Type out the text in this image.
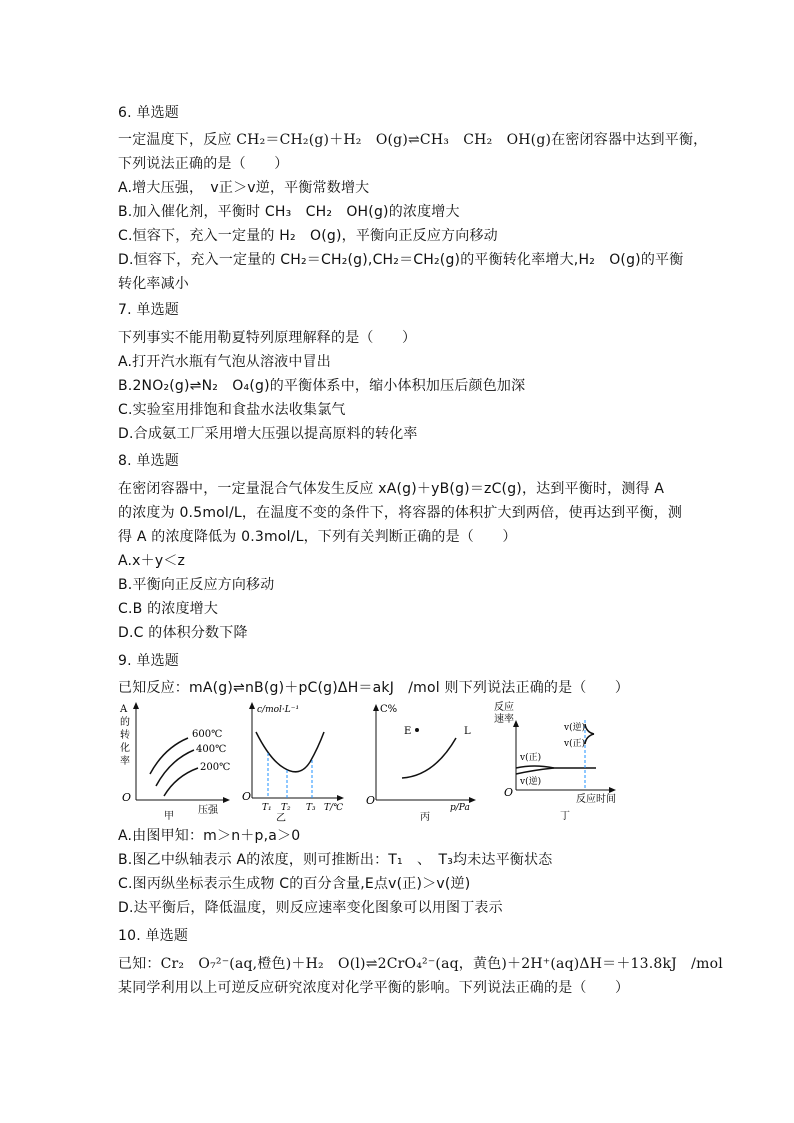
6. 单选题
一定温度下，反应 CH₂＝CH₂(g)＋H₂　O(g)⇌CH₃　CH₂　OH(g)在密闭容器中达到平衡，
下列说法正确的是（　　）
A.增大压强，　v正＞v逆，平衡常数增大
B.加入催化剂，平衡时 CH₃　CH₂　OH(g)的浓度增大
C.恒容下，充入一定量的 H₂　O(g)，平衡向正反应方向移动
D.恒容下，充入一定量的 CH₂＝CH₂(g),CH₂＝CH₂(g)的平衡转化率增大,H₂　O(g)的平衡
转化率减小
7. 单选题
下列事实不能用勒夏特列原理解释的是（　　）
A.打开汽水瓶有气泡从溶液中冒出
B.2NO₂(g)⇌N₂　O₄(g)的平衡体系中，缩小体积加压后颜色加深
C.实验室用排饱和食盐水法收集氯气
D.合成氨工厂采用增大压强以提高原料的转化率
8. 单选题
在密闭容器中，一定量混合气体发生反应 xA(g)＋yB(g)＝zC(g)，达到平衡时，测得 A
的浓度为 0.5mol/L，在温度不变的条件下，将容器的体积扩大到两倍，使再达到平衡，测
得 A 的浓度降低为 0.3mol/L，下列有关判断正确的是（　　）
A.x＋y＜z
B.平衡向正反应方向移动
C.B 的浓度增大
D.C 的体积分数下降
9. 单选题
已知反应：mA(g)⇌nB(g)＋pC(g)ΔH＝akJ　/mol 则下列说法正确的是（　　）
A
的
转
化
率
600℃
400℃
200℃
O
压强
甲
c/mol·L⁻¹
O
T₁ T₂ T₃ T/℃
乙
C%
E	L
O
p/Pa
丙
反应
速率
v(逆)
v(正)
v(正)
v(逆)
O
反应时间
丁
A.由图甲知：m＞n＋p,a＞0
B.图乙中纵轴表示 A的浓度，则可推断出：T₁　、　T₃均未达平衡状态
C.图丙纵坐标表示生成物 C的百分含量,E点v(正)＞v(逆)
D.达平衡后，降低温度，则反应速率变化图象可以用图丁表示
10. 单选题
已知：Cr₂　O₇²⁻(aq,橙色)＋H₂　O(l)⇌2CrO₄²⁻(aq，黄色)＋2H⁺(aq)ΔH＝＋13.8kJ　/mol
某同学利用以上可逆反应研究浓度对化学平衡的影响。下列说法正确的是（　　）
